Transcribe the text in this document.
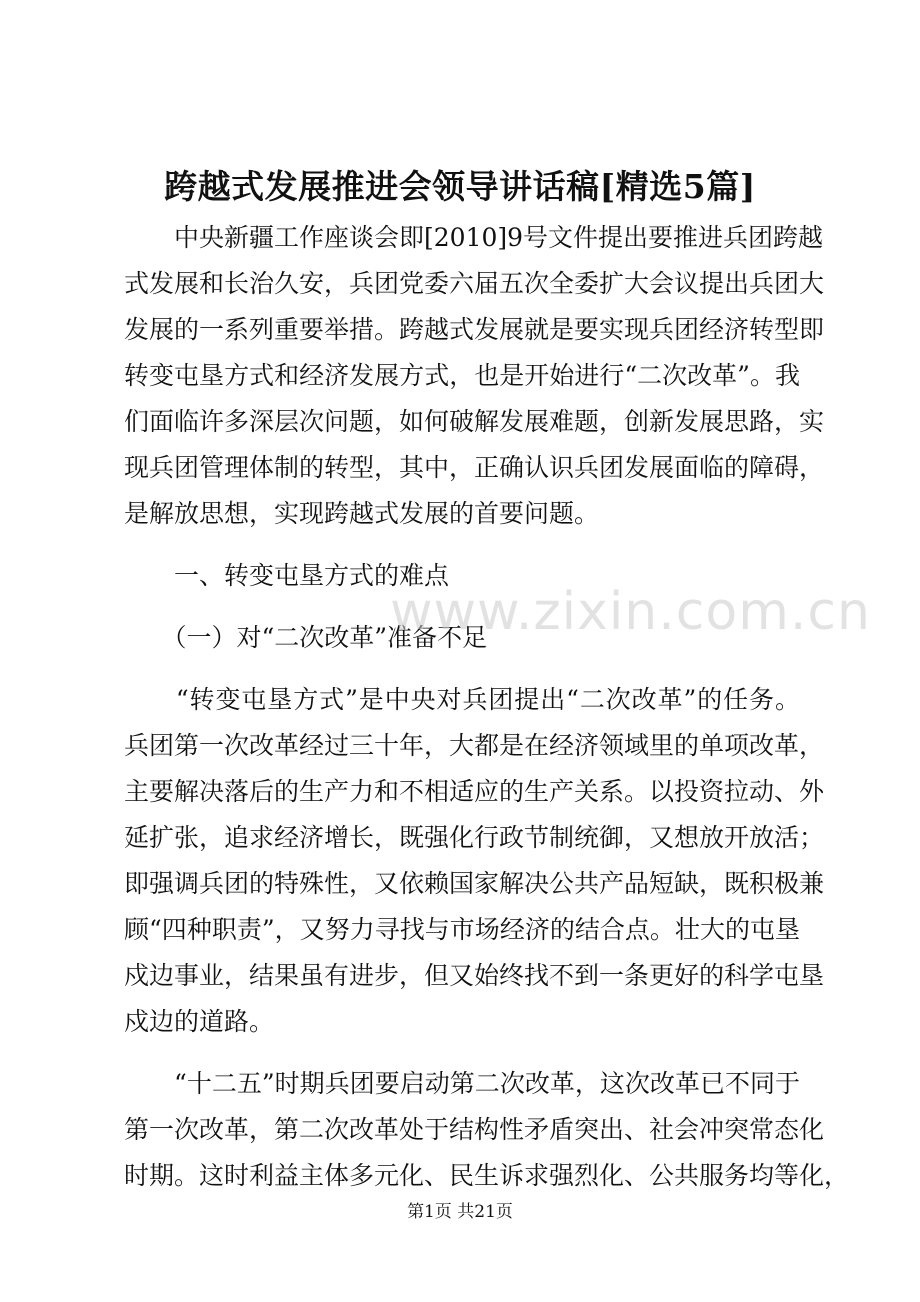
跨越式发展推进会领导讲话稿[精选5篇]
　　中央新疆工作座谈会即[2010]9号文件提出要推进兵团跨越
式发展和长治久安，兵团党委六届五次全委扩大会议提出兵团大
发展的一系列重要举措。跨越式发展就是要实现兵团经济转型即
转变屯垦方式和经济发展方式，也是开始进行“二次改革”。我
们面临许多深层次问题，如何破解发展难题，创新发展思路，实
现兵团管理体制的转型，其中，正确认识兵团发展面临的障碍，
是解放思想，实现跨越式发展的首要问题。
　　一、转变屯垦方式的难点
　　（一）对“二次改革”准备不足
　　“转变屯垦方式”是中央对兵团提出“二次改革”的任务。
兵团第一次改革经过三十年，大都是在经济领域里的单项改革，
主要解决落后的生产力和不相适应的生产关系。以投资拉动、外
延扩张，追求经济增长，既强化行政节制统御，又想放开放活；
即强调兵团的特殊性，又依赖国家解决公共产品短缺，既积极兼
顾“四种职责”，又努力寻找与市场经济的结合点。壮大的屯垦
戍边事业，结果虽有进步，但又始终找不到一条更好的科学屯垦
戍边的道路。
　　“十二五”时期兵团要启动第二次改革，这次改革已不同于
第一次改革，第二次改革处于结构性矛盾突出、社会冲突常态化
时期。这时利益主体多元化、民生诉求强烈化、公共服务均等化，
www.zixin.com.cn
第1页 共21页
